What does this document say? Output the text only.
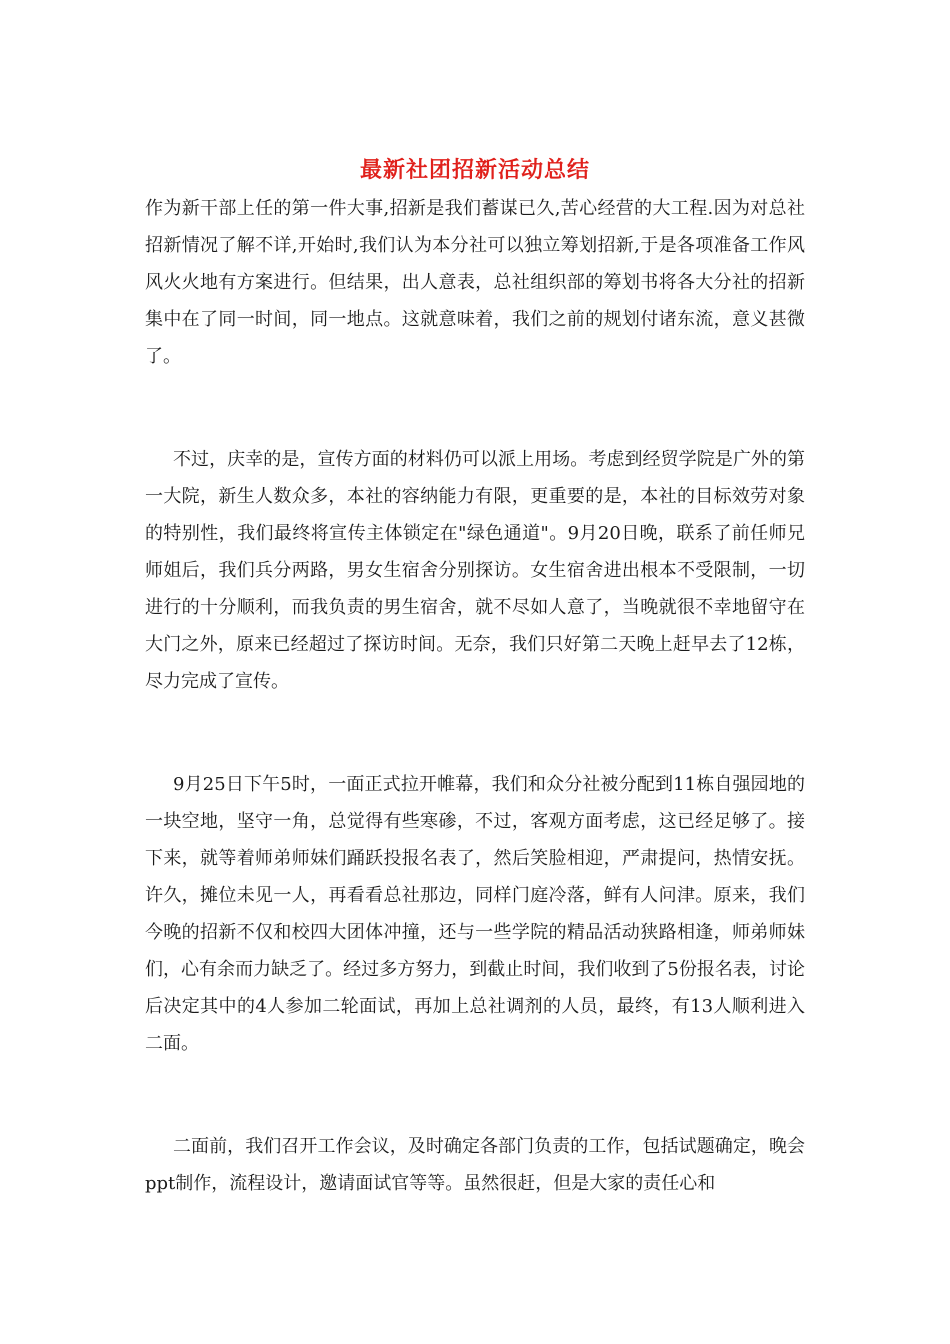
最新社团招新活动总结

作为新干部上任的第一件大事,招新是我们蓄谋已久,苦心经营的大工程.因为对总社招新情况了解不详,开始时,我们认为本分社可以独立筹划招新,于是各项准备工作风风火火地有方案进行。但结果，出人意表，总社组织部的筹划书将各大分社的招新集中在了同一时间，同一地点。这就意味着，我们之前的规划付诸东流，意义甚微了。

不过，庆幸的是，宣传方面的材料仍可以派上用场。考虑到经贸学院是广外的第一大院，新生人数众多，本社的容纳能力有限，更重要的是，本社的目标效劳对象的特别性，我们最终将宣传主体锁定在"绿色通道"。9月20日晚，联系了前任师兄师姐后，我们兵分两路，男女生宿舍分别探访。女生宿舍进出根本不受限制，一切进行的十分顺利，而我负责的男生宿舍，就不尽如人意了，当晚就很不幸地留守在大门之外，原来已经超过了探访时间。无奈，我们只好第二天晚上赶早去了12栋，尽力完成了宣传。

9月25日下午5时，一面正式拉开帷幕，我们和众分社被分配到11栋自强园地的一块空地，坚守一角，总觉得有些寒碜，不过，客观方面考虑，这已经足够了。接下来，就等着师弟师妹们踊跃投报名表了，然后笑脸相迎，严肃提问，热情安抚。许久，摊位未见一人，再看看总社那边，同样门庭冷落，鲜有人问津。原来，我们今晚的招新不仅和校四大团体冲撞，还与一些学院的精品活动狭路相逢，师弟师妹们，心有余而力缺乏了。经过多方努力，到截止时间，我们收到了5份报名表，讨论后决定其中的4人参加二轮面试，再加上总社调剂的人员，最终，有13人顺利进入二面。

二面前，我们召开工作会议，及时确定各部门负责的工作，包括试题确定，晚会ppt制作，流程设计，邀请面试官等等。虽然很赶，但是大家的责任心和
